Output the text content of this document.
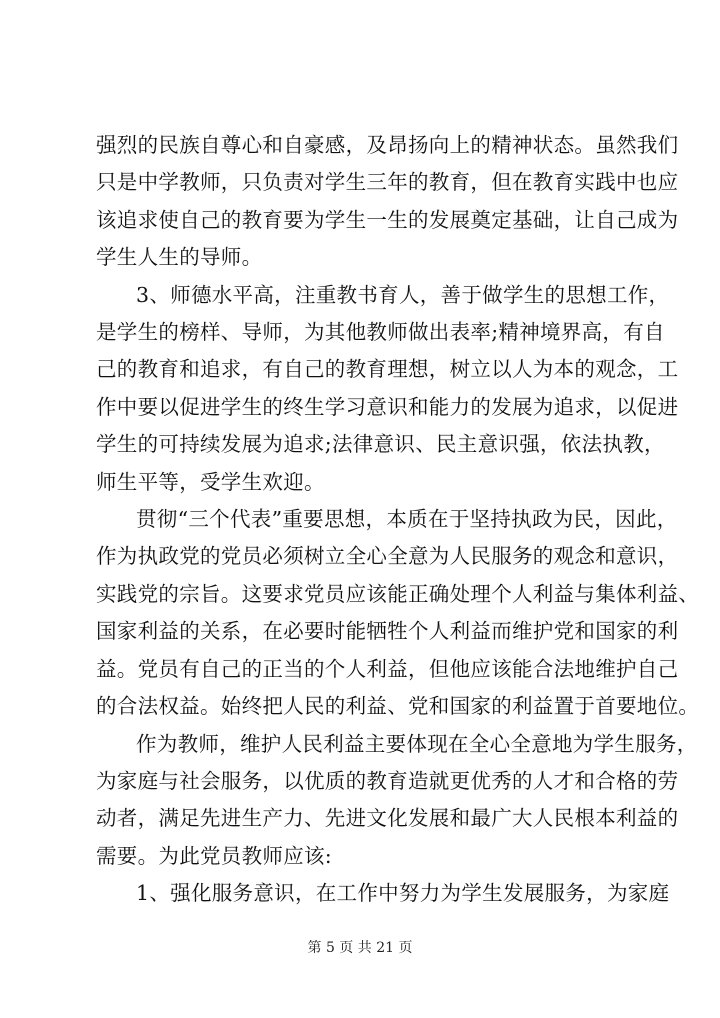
强烈的民族自尊心和自豪感，及昂扬向上的精神状态。虽然我们
只是中学教师，只负责对学生三年的教育，但在教育实践中也应
该追求使自己的教育要为学生一生的发展奠定基础，让自己成为
学生人生的导师。

3、师德水平高，注重教书育人，善于做学生的思想工作，
是学生的榜样、导师，为其他教师做出表率;精神境界高，有自
己的教育和追求，有自己的教育理想，树立以人为本的观念，工
作中要以促进学生的终生学习意识和能力的发展为追求，以促进
学生的可持续发展为追求;法律意识、民主意识强，依法执教，
师生平等，受学生欢迎。

贯彻“三个代表”重要思想，本质在于坚持执政为民，因此，
作为执政党的党员必须树立全心全意为人民服务的观念和意识，
实践党的宗旨。这要求党员应该能正确处理个人利益与集体利益、
国家利益的关系，在必要时能牺牲个人利益而维护党和国家的利
益。党员有自己的正当的个人利益，但他应该能合法地维护自己
的合法权益。始终把人民的利益、党和国家的利益置于首要地位。

作为教师，维护人民利益主要体现在全心全意地为学生服务，
为家庭与社会服务，以优质的教育造就更优秀的人才和合格的劳
动者，满足先进生产力、先进文化发展和最广大人民根本利益的
需要。为此党员教师应该:

1、强化服务意识，在工作中努力为学生发展服务，为家庭

第 5 页 共 21 页
